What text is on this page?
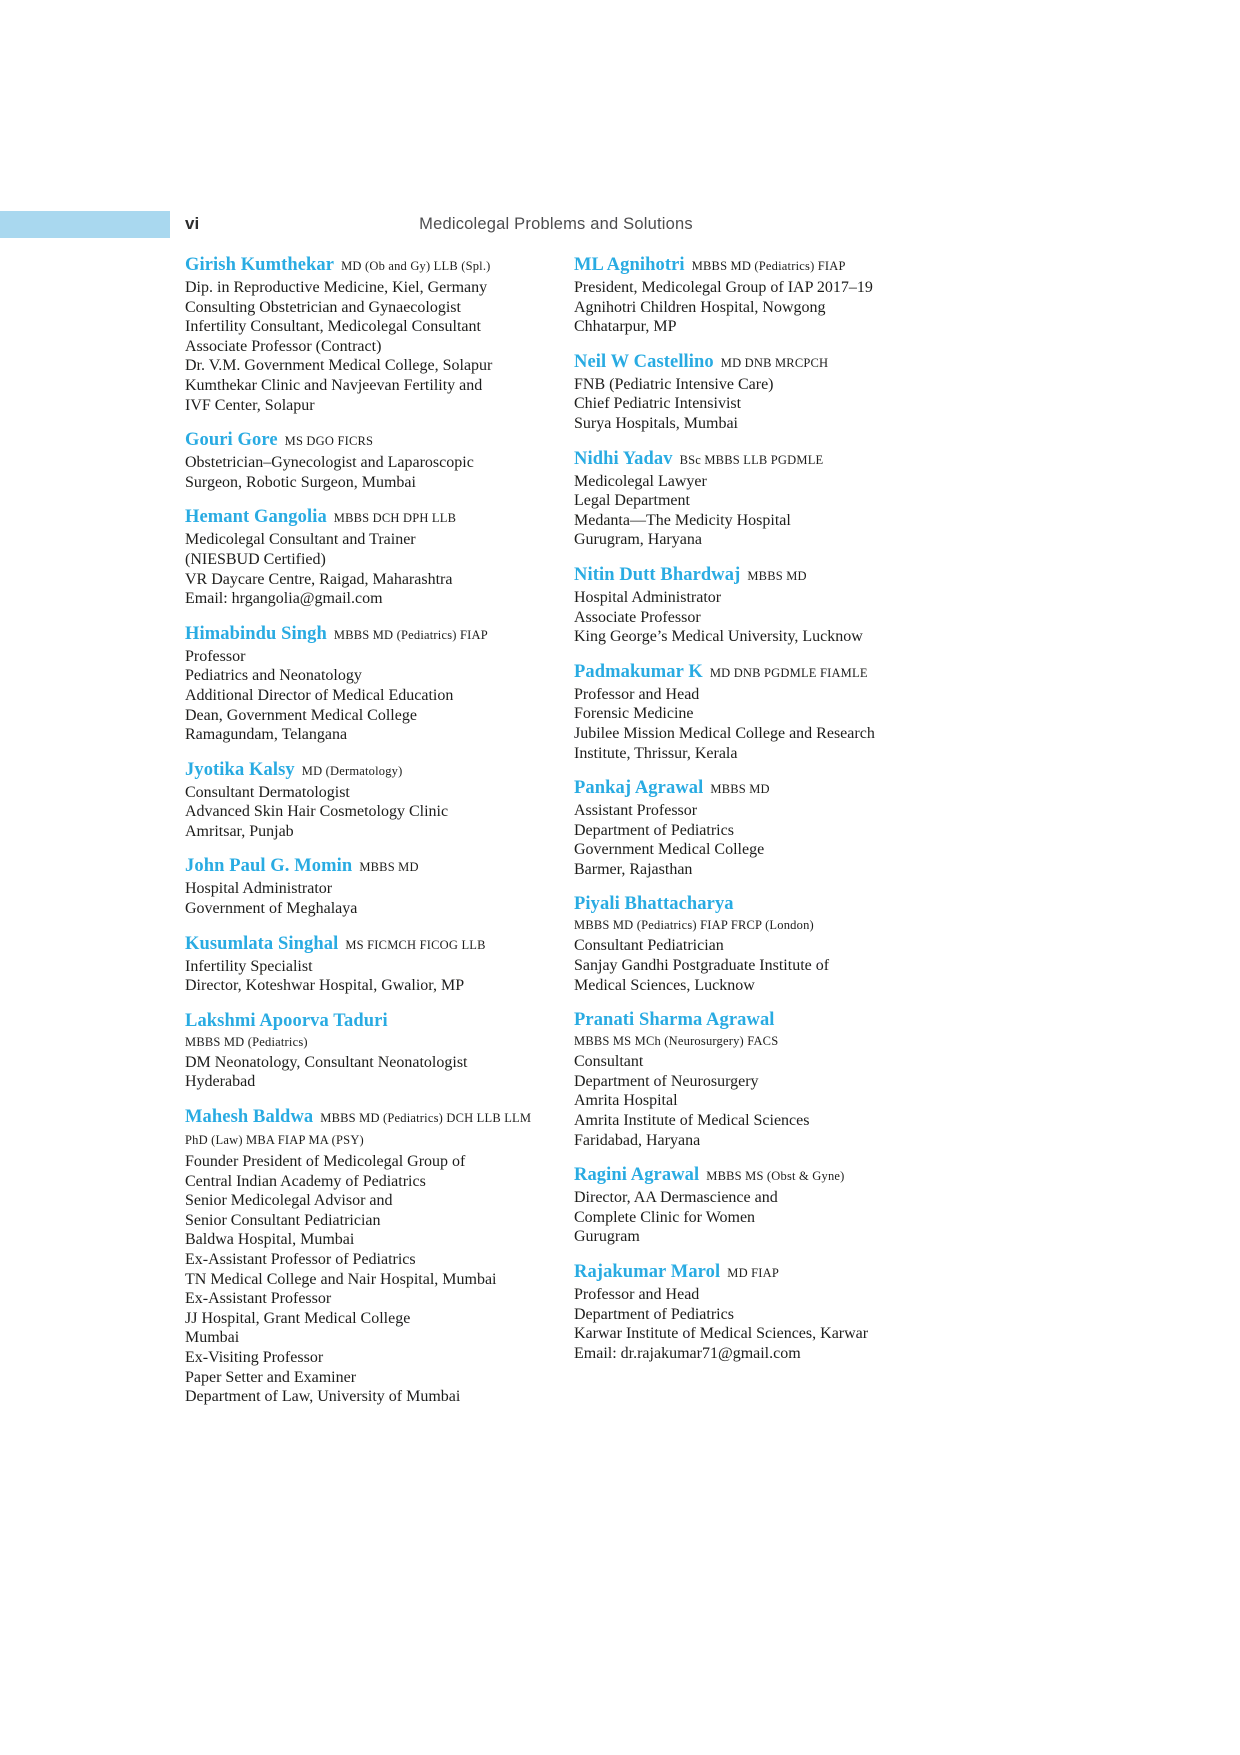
vi	Medicolegal Problems and Solutions
Girish Kumthekar MD (Ob and Gy) LLB (Spl.)
Dip. in Reproductive Medicine, Kiel, Germany
Consulting Obstetrician and Gynaecologist
Infertility Consultant, Medicolegal Consultant
Associate Professor (Contract)
Dr. V.M. Government Medical College, Solapur
Kumthekar Clinic and Navjeevan Fertility and
IVF Center, Solapur
Gouri Gore MS DGO FICRS
Obstetrician–Gynecologist and Laparoscopic
Surgeon, Robotic Surgeon, Mumbai
Hemant Gangolia MBBS DCH DPH LLB
Medicolegal Consultant and Trainer
(NIESBUD Certified)
VR Daycare Centre, Raigad, Maharashtra
Email: hrgangolia@gmail.com
Himabindu Singh MBBS MD (Pediatrics) FIAP
Professor
Pediatrics and Neonatology
Additional Director of Medical Education
Dean, Government Medical College
Ramagundam, Telangana
Jyotika Kalsy MD (Dermatology)
Consultant Dermatologist
Advanced Skin Hair Cosmetology Clinic
Amritsar, Punjab
John Paul G. Momin MBBS MD
Hospital Administrator
Government of Meghalaya
Kusumlata Singhal MS FICMCH FICOG LLB
Infertility Specialist
Director, Koteshwar Hospital, Gwalior, MP
Lakshmi Apoorva Taduri
MBBS MD (Pediatrics)
DM Neonatology, Consultant Neonatologist
Hyderabad
Mahesh Baldwa MBBS MD (Pediatrics) DCH LLB LLM PhD (Law) MBA FIAP MA (PSY)
Founder President of Medicolegal Group of
Central Indian Academy of Pediatrics
Senior Medicolegal Advisor and
Senior Consultant Pediatrician
Baldwa Hospital, Mumbai
Ex-Assistant Professor of Pediatrics
TN Medical College and Nair Hospital, Mumbai
Ex-Assistant Professor
JJ Hospital, Grant Medical College
Mumbai
Ex-Visiting Professor
Paper Setter and Examiner
Department of Law, University of Mumbai
ML Agnihotri MBBS MD (Pediatrics) FIAP
President, Medicolegal Group of IAP 2017–19
Agnihotri Children Hospital, Nowgong
Chhatarpur, MP
Neil W Castellino MD DNB MRCPCH
FNB (Pediatric Intensive Care)
Chief Pediatric Intensivist
Surya Hospitals, Mumbai
Nidhi Yadav BSc MBBS LLB PGDMLE
Medicolegal Lawyer
Legal Department
Medanta—The Medicity Hospital
Gurugram, Haryana
Nitin Dutt Bhardwaj MBBS MD
Hospital Administrator
Associate Professor
King George’s Medical University, Lucknow
Padmakumar K MD DNB PGDMLE FIAMLE
Professor and Head
Forensic Medicine
Jubilee Mission Medical College and Research
Institute, Thrissur, Kerala
Pankaj Agrawal MBBS MD
Assistant Professor
Department of Pediatrics
Government Medical College
Barmer, Rajasthan
Piyali Bhattacharya
MBBS MD (Pediatrics) FIAP FRCP (London)
Consultant Pediatrician
Sanjay Gandhi Postgraduate Institute of
Medical Sciences, Lucknow
Pranati Sharma Agrawal
MBBS MS MCh (Neurosurgery) FACS
Consultant
Department of Neurosurgery
Amrita Hospital
Amrita Institute of Medical Sciences
Faridabad, Haryana
Ragini Agrawal MBBS MS (Obst & Gyne)
Director, AA Dermascience and
Complete Clinic for Women
Gurugram
Rajakumar Marol MD FIAP
Professor and Head
Department of Pediatrics
Karwar Institute of Medical Sciences, Karwar
Email: dr.rajakumar71@gmail.com
